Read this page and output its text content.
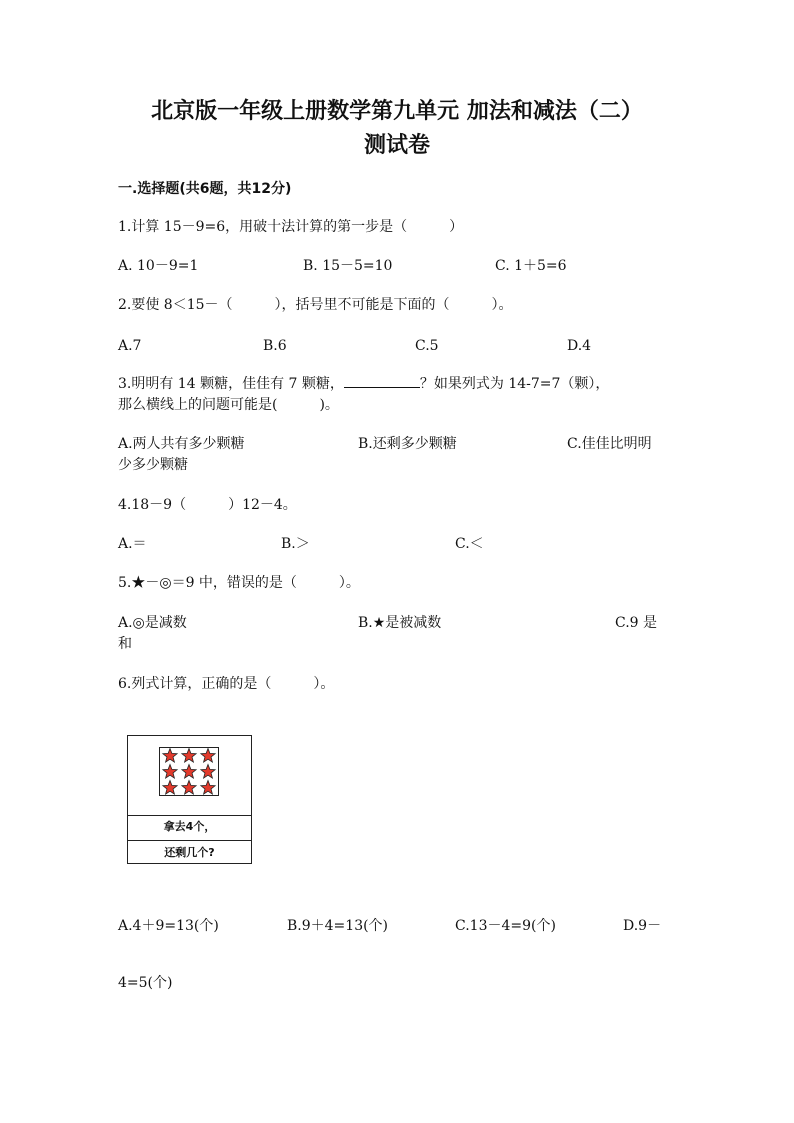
北京版一年级上册数学第九单元 加法和减法（二）
测试卷
一.选择题(共6题，共12分)
1.计算 15－9=6，用破十法计算的第一步是（　　　）
A. 10－9=1	B. 15－5=10	C. 1＋5=6
2.要使 8＜15－（　　　），括号里不可能是下面的（　　　）。
A.7	B.6	C.5	D.4
3.明明有 14 颗糖，佳佳有 7 颗糖，	？如果列式为 14-7=7（颗），
那么横线上的问题可能是(　　　)。
A.两人共有多少颗糖	B.还剩多少颗糖	C.佳佳比明明
少多少颗糖
4.18－9（　　　）12－4。
A.＝	B.＞	C.＜
5.★－◎＝9 中，错误的是（　　　）。
A.◎是减数	B.★是被减数	C.9 是
和
6.列式计算，正确的是（　　　）。
拿去4个，
还剩几个?
A.4＋9=13(个)	B.9＋4=13(个)	C.13－4=9(个)	D.9－
4=5(个)
